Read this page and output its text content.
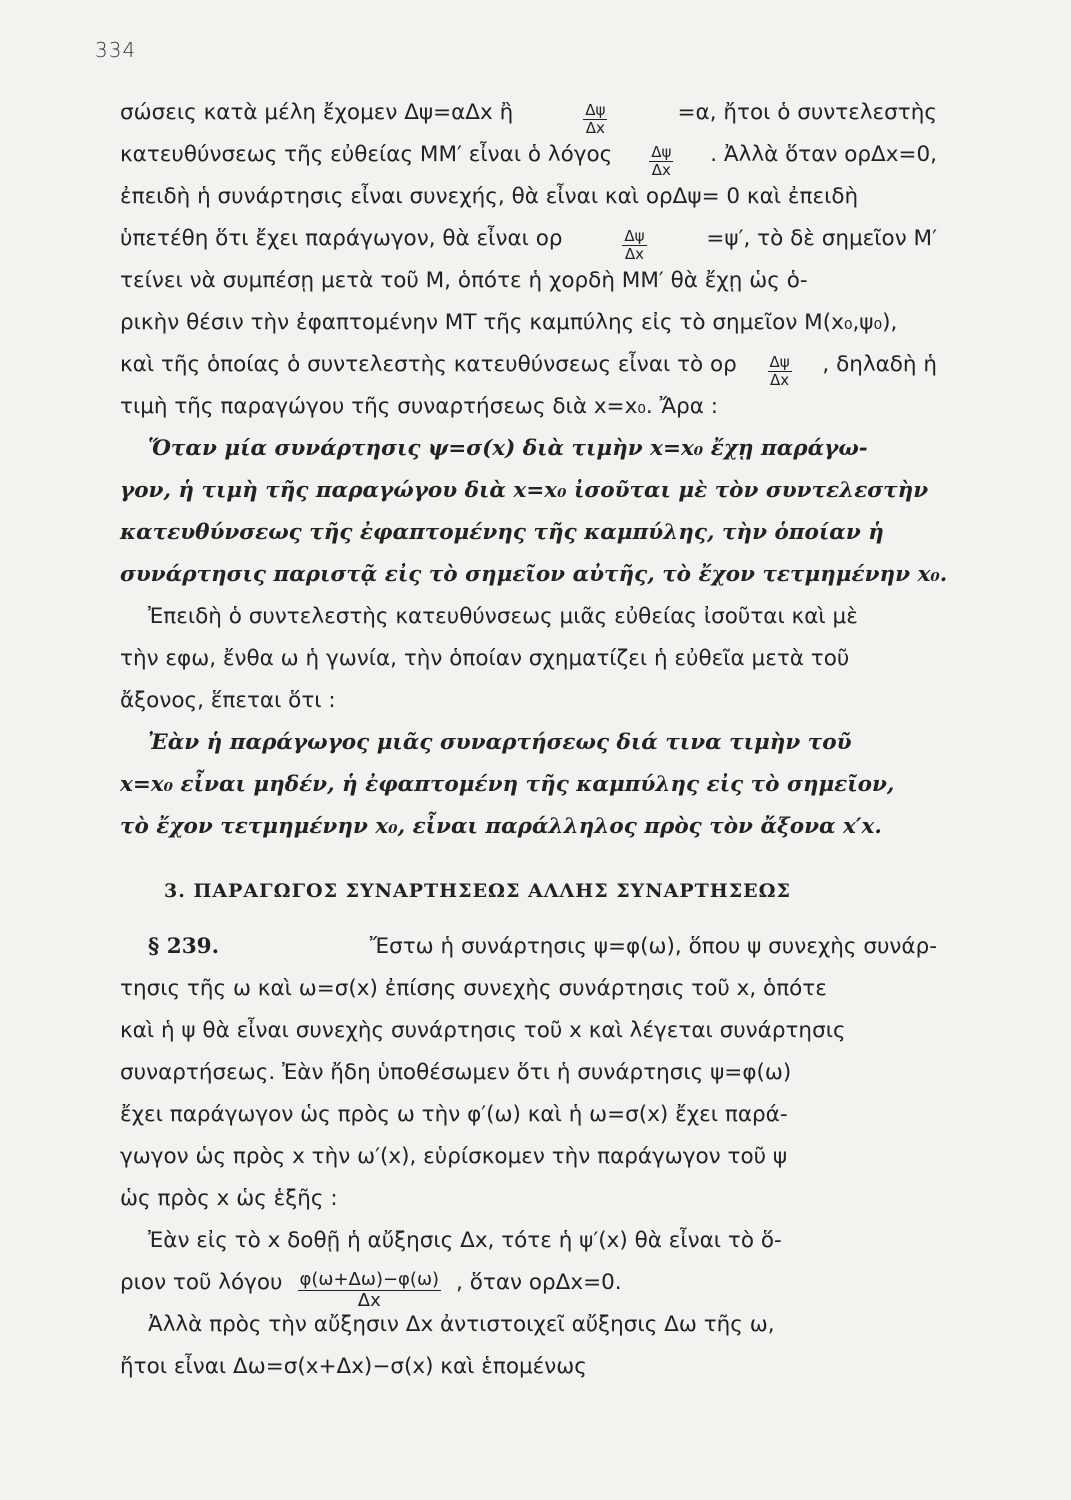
334
σώσεις κατὰ μέλη ἔχομεν Δψ=αΔx ἢ	$\frac{\Delta\psi}{\Delta x}$	=α, ἤτοι ὁ συντελεστὴς
κατευθύνσεως τῆς εὐθείας ΜΜ′ εἶναι ὁ λόγος $\frac{\Delta\psi}{\Delta x}$ . Ἀλλὰ ὅταν ορΔx=0,
ἐπειδὴ ἡ συνάρτησις εἶναι συνεχής, θὰ εἶναι καὶ ορΔψ= 0 καὶ ἐπειδὴ
ὑπετέθη ὅτι ἔχει παράγωγον, θὰ εἶναι ορ	$\frac{\Delta\psi}{\Delta x}$	=ψ′, τὸ δὲ σημεῖον Μ′
τείνει νὰ συμπέσῃ μετὰ τοῦ Μ, ὁπότε ἡ χορδὴ ΜΜ′ θὰ ἔχῃ ὡς ὁ-
ρικὴν θέσιν τὴν ἐφαπτομένην ΜΤ τῆς καμπύλης εἰς τὸ σημεῖον Μ(x₀,ψ₀),
καὶ τῆς ὁποίας ὁ συντελεστὴς κατευθύνσεως εἶναι τὸ ορ $\frac{\Delta\psi}{\Delta x}$ , δηλαδὴ ἡ
τιμὴ τῆς παραγώγου τῆς συναρτήσεως διὰ x=x₀. Ἄρα :
Ὅταν μία συνάρτησις ψ=σ(x) διὰ τιμὴν x=x₀ ἔχῃ παράγω-
γον, ἡ τιμὴ τῆς παραγώγου διὰ x=x₀ ἰσοῦται μὲ τὸν συντελεστὴν
κατευθύνσεως τῆς ἐφαπτομένης τῆς καμπύλης, τὴν ὁποίαν ἡ
συνάρτησις παριστᾷ εἰς τὸ σημεῖον αὐτῆς, τὸ ἔχον τετμημένην x₀.
Ἐπειδὴ ὁ συντελεστὴς κατευθύνσεως μιᾶς εὐθείας ἰσοῦται καὶ μὲ
τὴν εφω, ἔνθα ω ἡ γωνία, τὴν ὁποίαν σχηματίζει ἡ εὐθεῖα μετὰ τοῦ
ἄξονος, ἕπεται ὅτι :
Ἐὰν ἡ παράγωγος μιᾶς συναρτήσεως διά τινα τιμὴν τοῦ
x=x₀ εἶναι μηδέν, ἡ ἐφαπτομένη τῆς καμπύλης εἰς τὸ σημεῖον,
τὸ ἔχον τετμημένην x₀, εἶναι παράλληλος πρὸς τὸν ἄξονα x′x.
3. ΠΑΡΑΓΩΓΟΣ ΣΥΝΑΡΤΗΣΕΩΣ ΑΛΛΗΣ ΣΥΝΑΡΤΗΣΕΩΣ
§ 239.	Ἔστω ἡ συνάρτησις ψ=φ(ω), ὅπου ψ συνεχὴς συνάρ-
τησις τῆς ω καὶ ω=σ(x) ἐπίσης συνεχὴς συνάρτησις τοῦ x, ὁπότε
καὶ ἡ ψ θὰ εἶναι συνεχὴς συνάρτησις τοῦ x καὶ λέγεται συνάρτησις
συναρτήσεως. Ἐὰν ἤδη ὑποθέσωμεν ὅτι ἡ συνάρτησις ψ=φ(ω)
ἔχει παράγωγον ὡς πρὸς ω τὴν φ′(ω) καὶ ἡ ω=σ(x) ἔχει παρά-
γωγον ὡς πρὸς x τὴν ω′(x), εὑρίσκομεν τὴν παράγωγον τοῦ ψ
ὡς πρὸς x ὡς ἑξῆς :
Ἐὰν εἰς τὸ x δοθῇ ἡ αὔξησις Δx, τότε ἡ ψ′(x) θὰ εἶναι τὸ ὅ-
ριον τοῦ λόγου $\frac{\varphi(\omega+\Delta\omega)-\varphi(\omega)}{\Delta x}$ , ὅταν ορΔx=0.
Ἀλλὰ πρὸς τὴν αὔξησιν Δx ἀντιστοιχεῖ αὔξησις Δω τῆς ω,
ἤτοι εἶναι Δω=σ(x+Δx)−σ(x) καὶ ἑπομένως
